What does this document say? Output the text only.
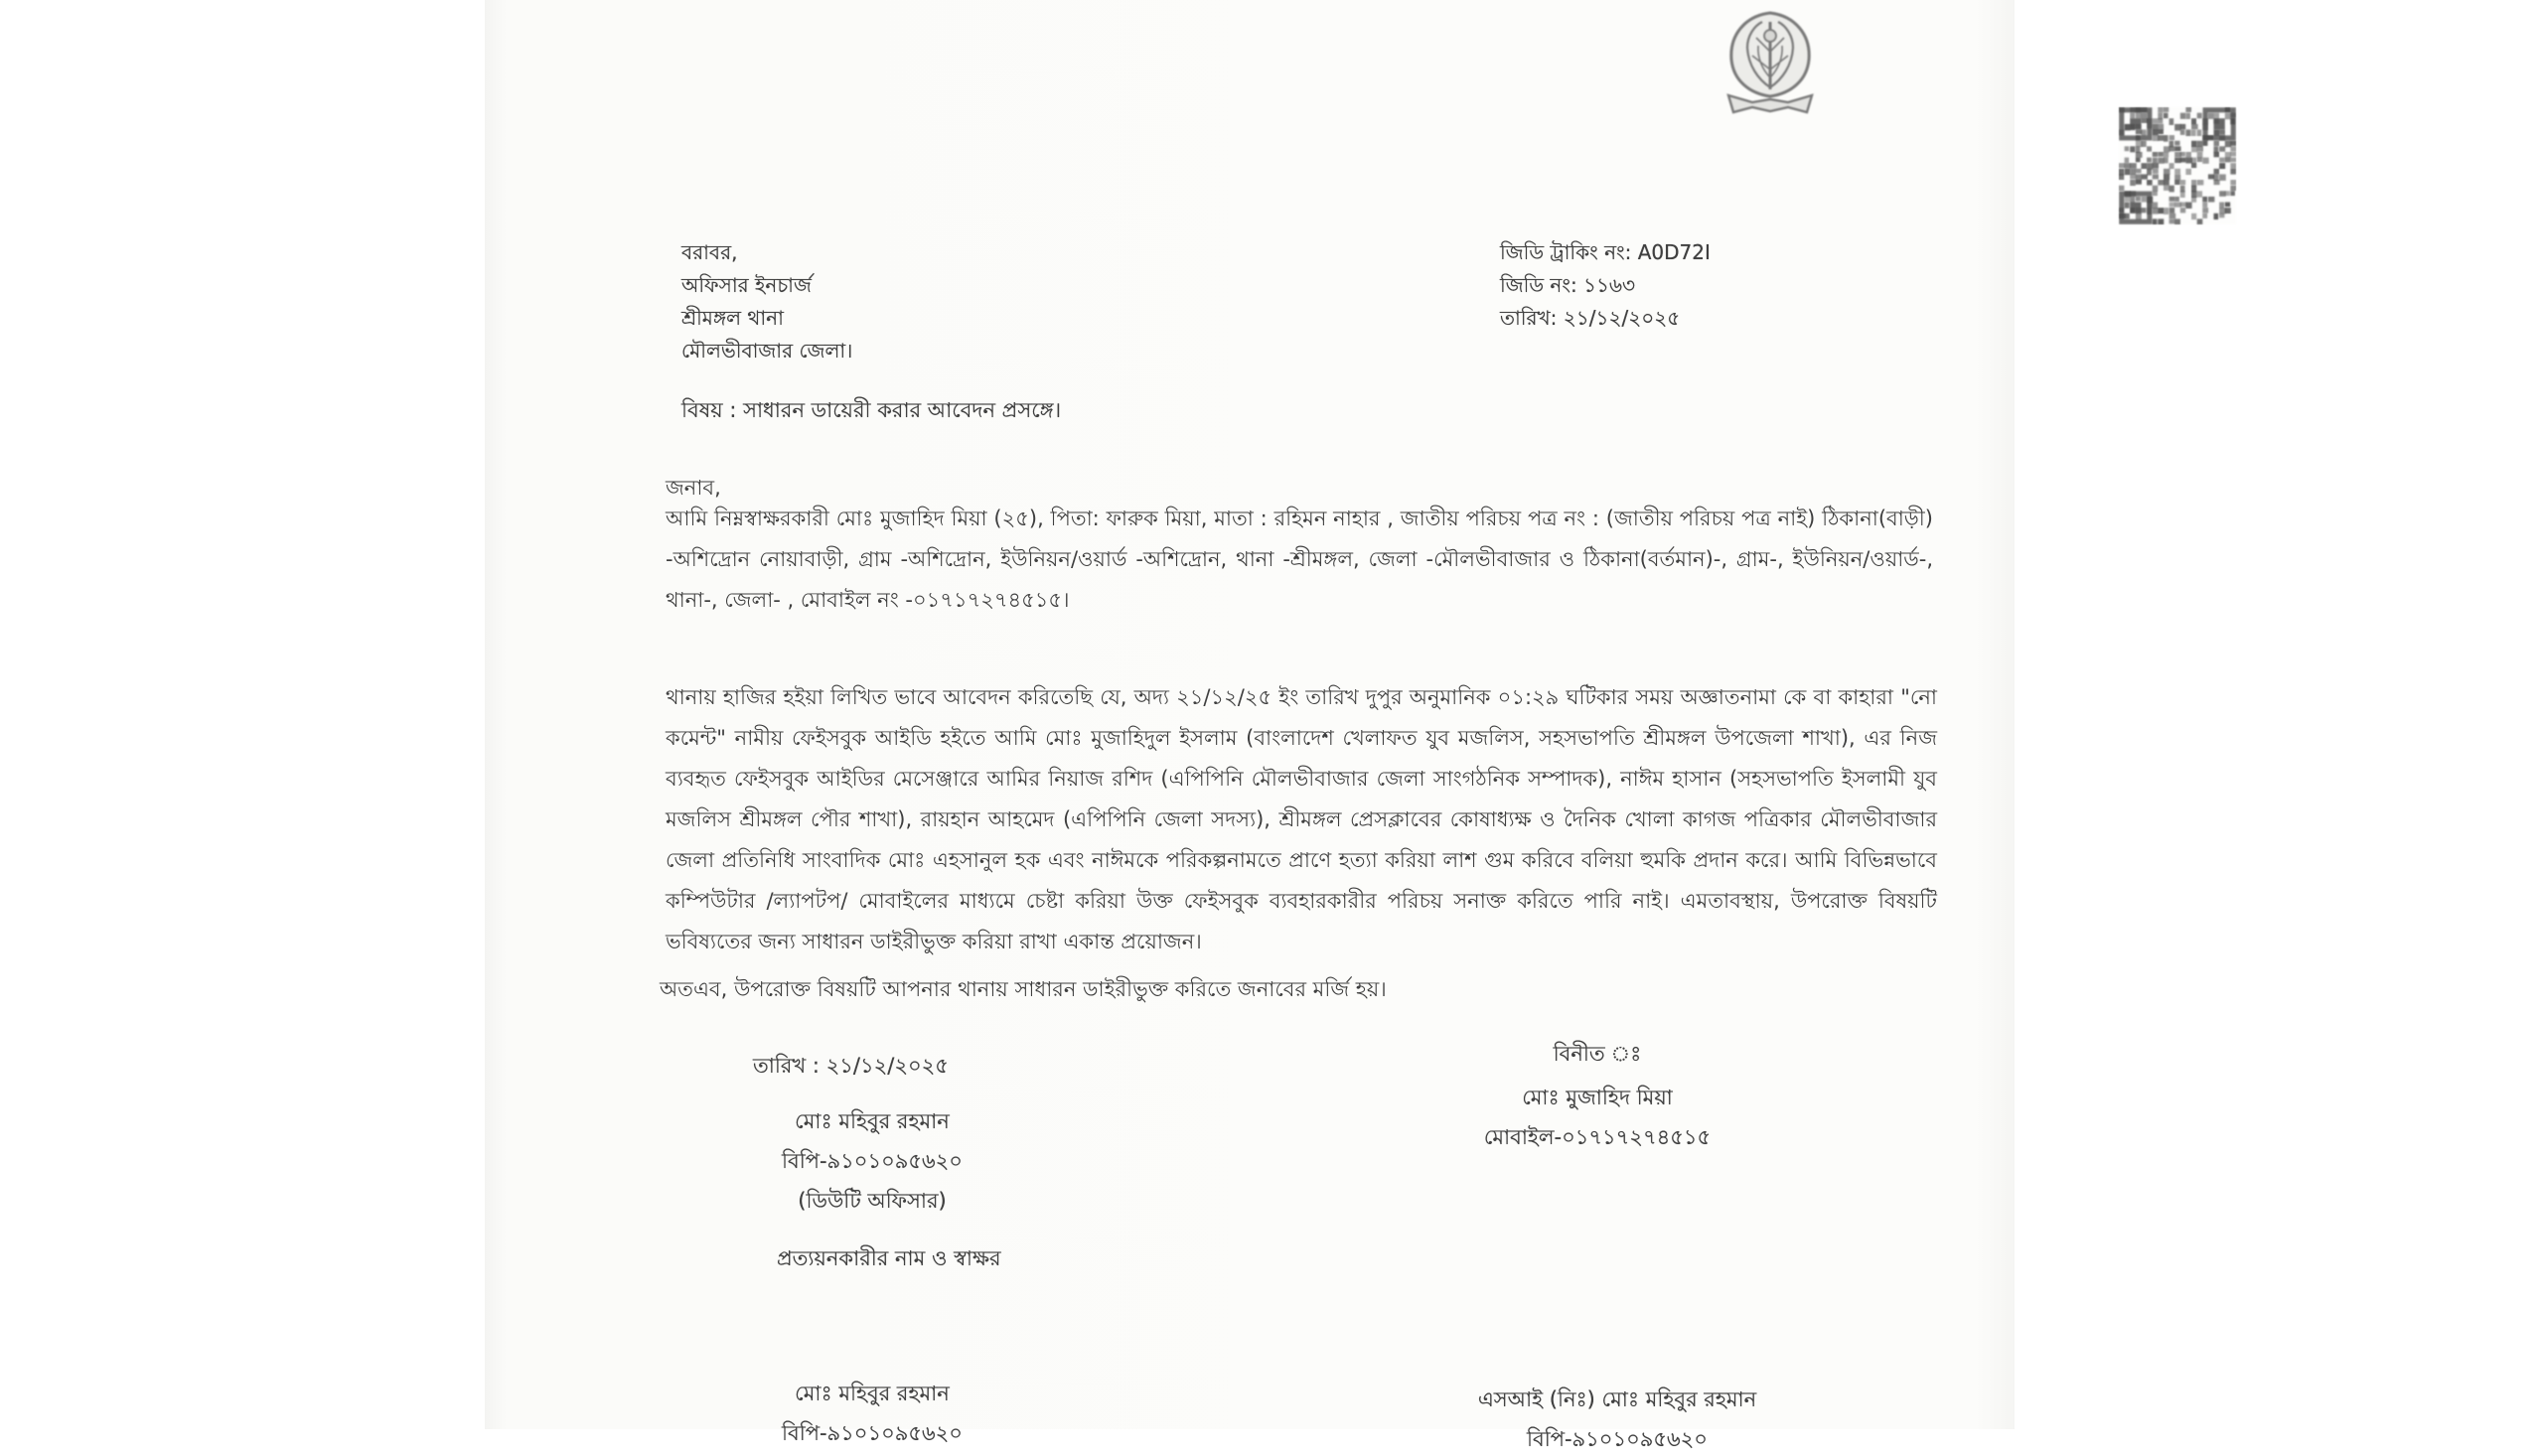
জিডি ট্রাকিং নং: A0D72I
জিডি নং: ১১৬৩
তারিখ: ২১/১২/২০২৫
বরাবর,
অফিসার ইনচার্জ
শ্রীমঙ্গল থানা
মৌলভীবাজার জেলা।
বিষয় : সাধারন ডায়েরী করার আবেদন প্রসঙ্গে।
জনাব,
আমি নিম্নস্বাক্ষরকারী মোঃ মুজাহিদ মিয়া (২৫), পিতা: ফারুক মিয়া, মাতা : রহিমন নাহার , জাতীয় পরিচয় পত্র নং : (জাতীয় পরিচয় পত্র নাই) ঠিকানা(বাড়ী) -অশিদ্রোন নোয়াবাড়ী, গ্রাম -অশিদ্রোন, ইউনিয়ন/ওয়ার্ড -অশিদ্রোন, থানা -শ্রীমঙ্গল, জেলা -মৌলভীবাজার ও ঠিকানা(বর্তমান)-, গ্রাম-, ইউনিয়ন/ওয়ার্ড-, থানা-, জেলা- , মোবাইল নং -০১৭১৭২৭৪৫১৫।
থানায় হাজির হইয়া লিখিত ভাবে আবেদন করিতেছি যে, অদ্য ২১/১২/২৫ ইং তারিখ দুপুর অনুমানিক ০১:২৯ ঘটিকার সময় অজ্ঞাতনামা কে বা কাহারা "নো কমেন্ট" নামীয় ফেইসবুক আইডি হইতে আমি মোঃ মুজাহিদুল ইসলাম (বাংলাদেশ খেলাফত যুব মজলিস, সহসভাপতি শ্রীমঙ্গল উপজেলা শাখা), এর নিজ ব্যবহৃত ফেইসবুক আইডির মেসেঞ্জারে আমির নিয়াজ রশিদ (এপিপিনি মৌলভীবাজার জেলা সাংগঠনিক সম্পাদক), নাঈম হাসান (সহসভাপতি ইসলামী যুব মজলিস শ্রীমঙ্গল পৌর শাখা), রায়হান আহমেদ (এপিপিনি জেলা সদস্য), শ্রীমঙ্গল প্রেসক্লাবের কোষাধ্যক্ষ ও দৈনিক খোলা কাগজ পত্রিকার মৌলভীবাজার জেলা প্রতিনিধি সাংবাদিক মোঃ এহসানুল হক এবং নাঈমকে পরিকল্পনামতে প্রাণে হত্যা করিয়া লাশ গুম করিবে বলিয়া হুমকি প্রদান করে। আমি বিভিন্নভাবে কম্পিউটার /ল্যাপটপ/ মোবাইলের মাধ্যমে চেষ্টা করিয়া উক্ত ফেইসবুক ব্যবহারকারীর পরিচয় সনাক্ত করিতে পারি নাই। এমতাবস্থায়, উপরোক্ত বিষয়টি ভবিষ্যতের জন্য সাধারন ডাইরীভুক্ত করিয়া রাখা একান্ত প্রয়োজন।
অতএব, উপরোক্ত বিষয়টি আপনার থানায় সাধারন ডাইরীভুক্ত করিতে জনাবের মর্জি হয়।
তারিখ : ২১/১২/২০২৫
মোঃ মহিবুর রহমান
বিপি-৯১০১০৯৫৬২০
(ডিউটি অফিসার)
বিনীত ঃ
মোঃ মুজাহিদ মিয়া
মোবাইল-০১৭১৭২৭৪৫১৫
প্রত্যয়নকারীর নাম ও স্বাক্ষর
মোঃ মহিবুর রহমান
বিপি-৯১০১০৯৫৬২০
এসআই (নিঃ) মোঃ মহিবুর রহমান
বিপি-৯১০১০৯৫৬২০
